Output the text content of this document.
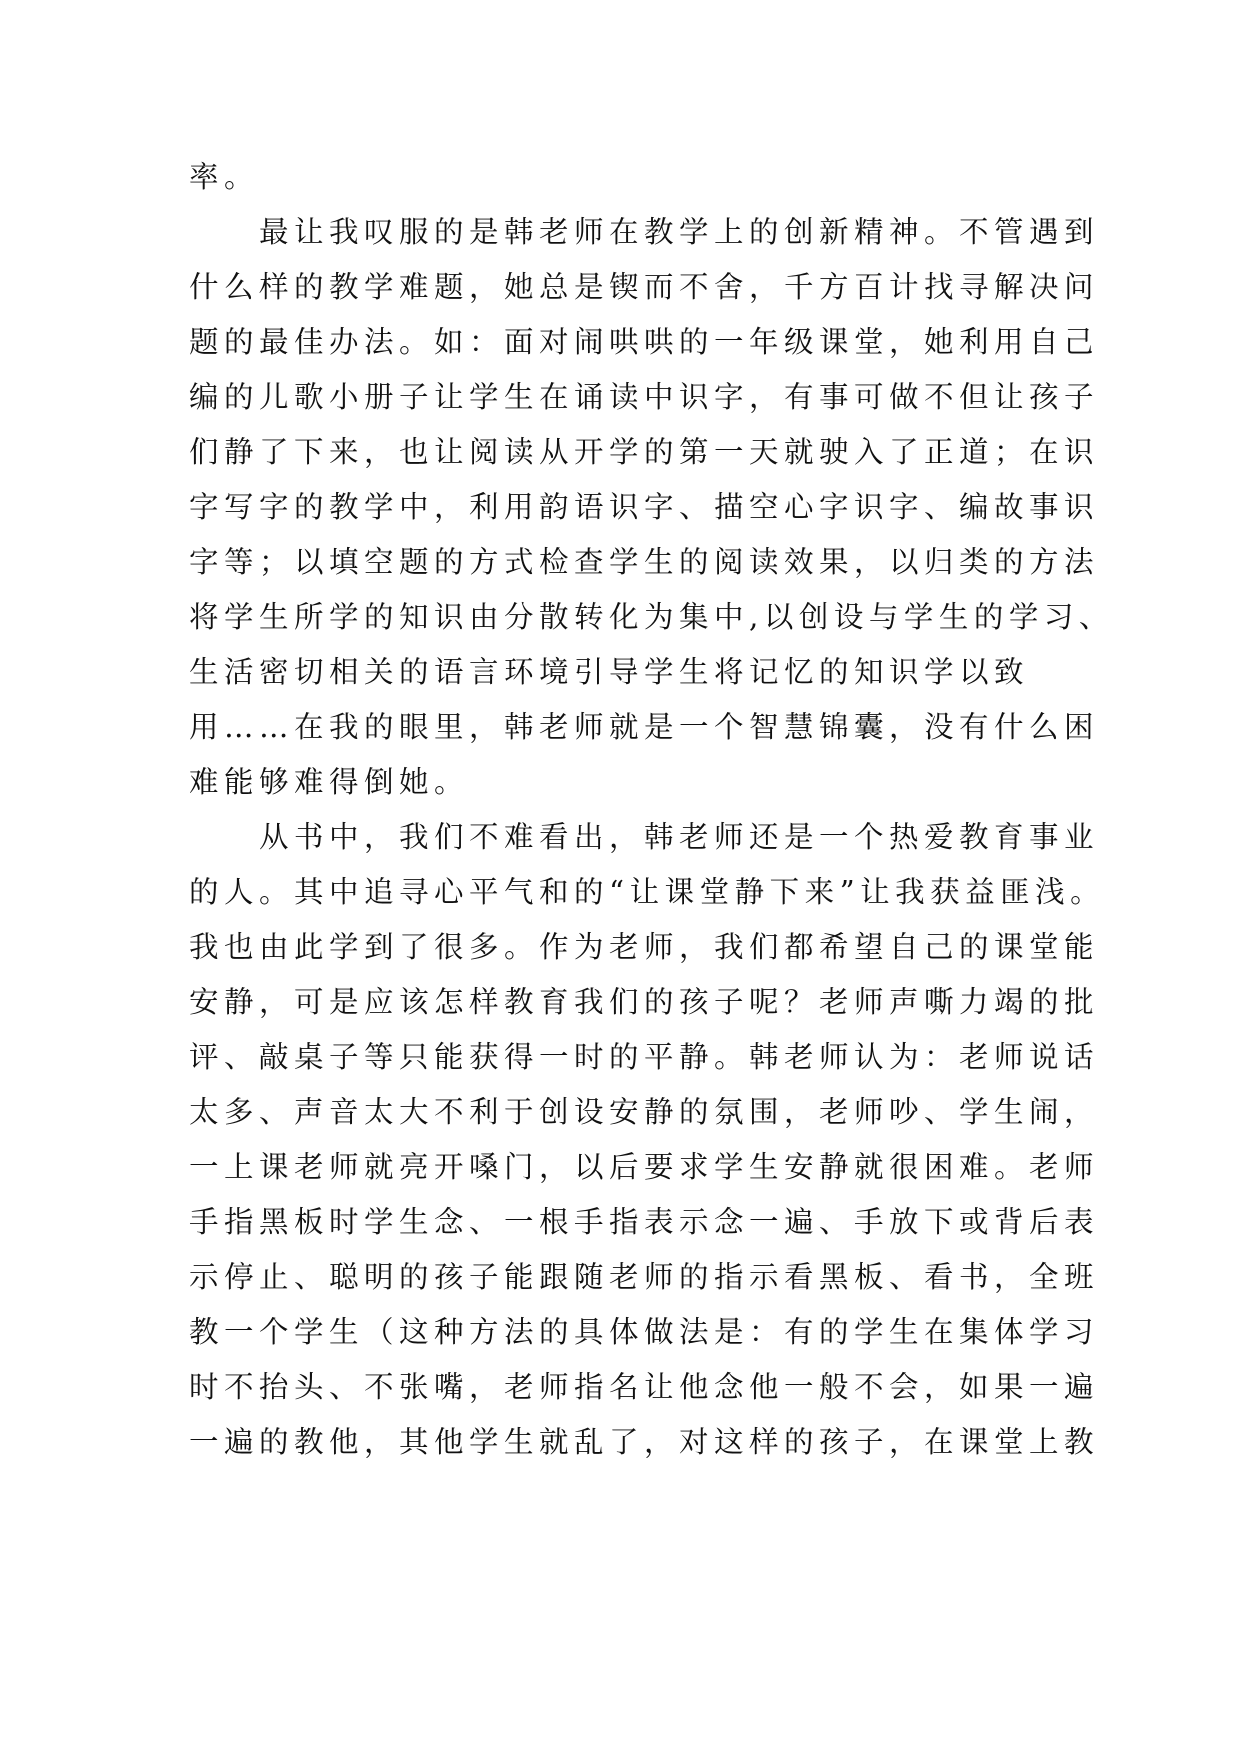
率。
最让我叹服的是韩老师在教学上的创新精神。不管遇到
什么样的教学难题，她总是锲而不舍，千方百计找寻解决问
题的最佳办法。如：面对闹哄哄的一年级课堂，她利用自己
编的儿歌小册子让学生在诵读中识字，有事可做不但让孩子
们静了下来，也让阅读从开学的第一天就驶入了正道；在识
字写字的教学中，利用韵语识字、描空心字识字、编故事识
字等；以填空题的方式检查学生的阅读效果，以归类的方法
将学生所学的知识由分散转化为集中,以创设与学生的学习、
生活密切相关的语言环境引导学生将记忆的知识学以致
用……在我的眼里，韩老师就是一个智慧锦囊，没有什么困
难能够难得倒她。
从书中，我们不难看出，韩老师还是一个热爱教育事业
的人。其中追寻心平气和的“让课堂静下来”让我获益匪浅。
我也由此学到了很多。作为老师，我们都希望自己的课堂能
安静，可是应该怎样教育我们的孩子呢？老师声嘶力竭的批
评、敲桌子等只能获得一时的平静。韩老师认为：老师说话
太多、声音太大不利于创设安静的氛围，老师吵、学生闹，
一上课老师就亮开嗓门，以后要求学生安静就很困难。老师
手指黑板时学生念、一根手指表示念一遍、手放下或背后表
示停止、聪明的孩子能跟随老师的指示看黑板、看书，全班
教一个学生（这种方法的具体做法是：有的学生在集体学习
时不抬头、不张嘴，老师指名让他念他一般不会，如果一遍
一遍的教他，其他学生就乱了，对这样的孩子，在课堂上教
